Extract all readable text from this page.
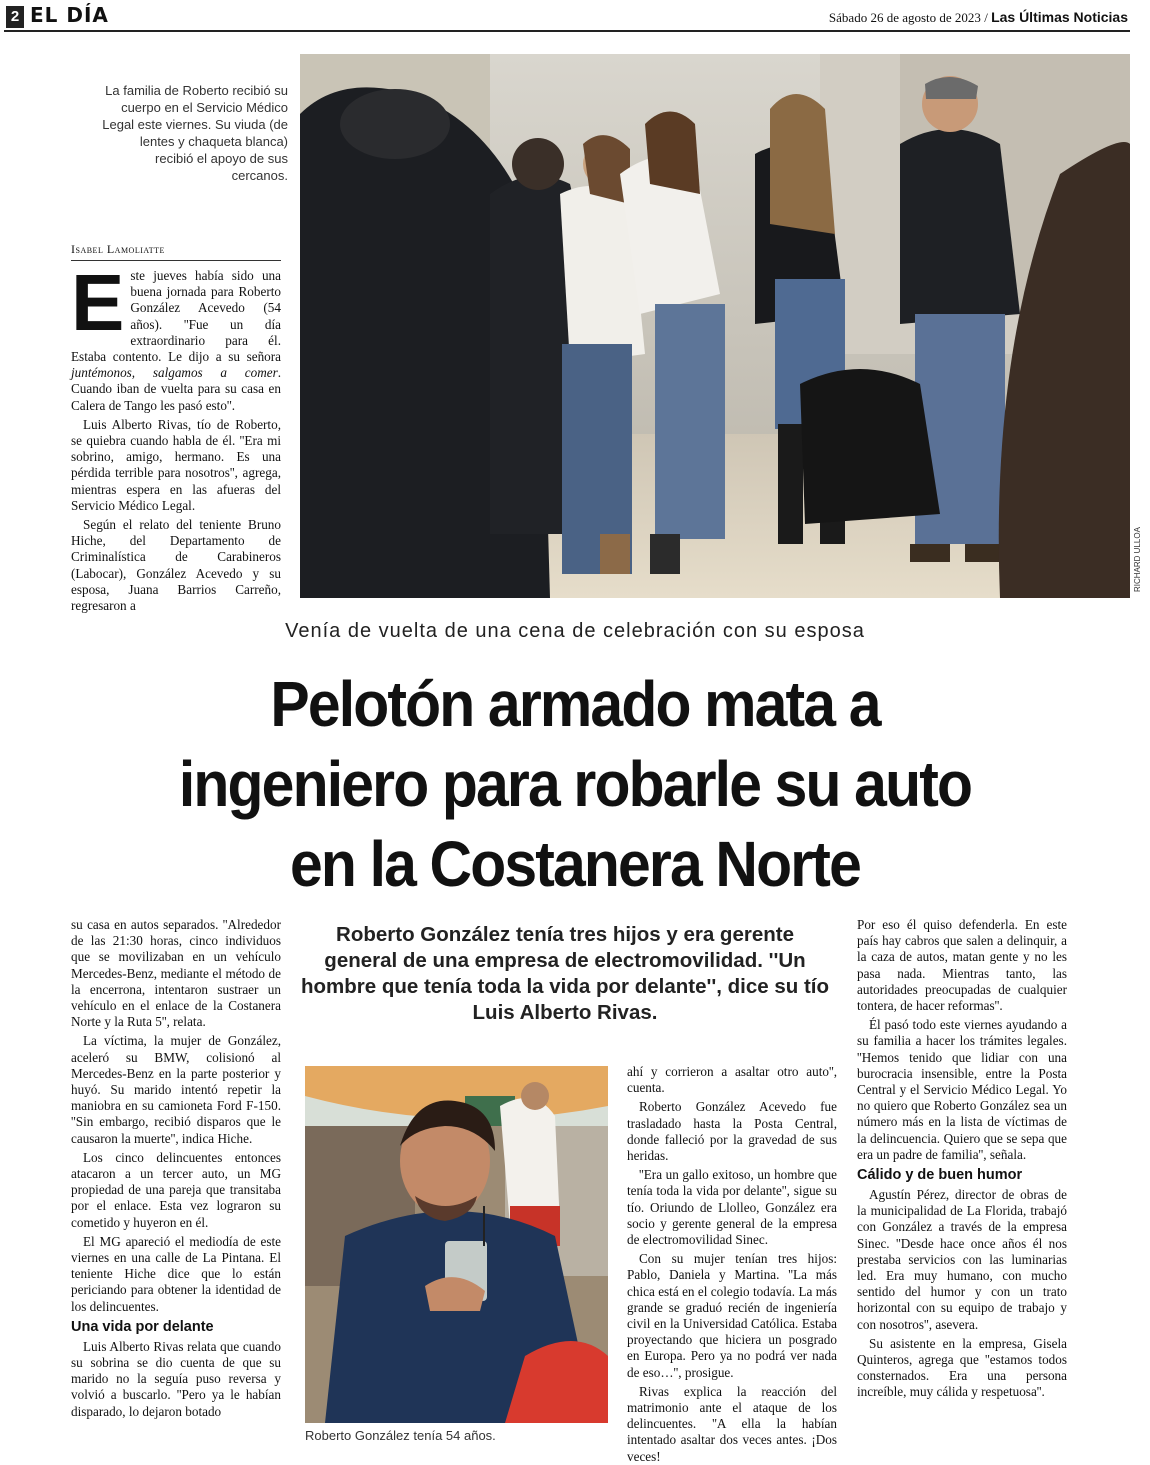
2 EL DÍA	Sábado 26 de agosto de 2023 / Las Últimas Noticias
La familia de Roberto recibió su cuerpo en el Servicio Médico Legal este viernes. Su viuda (de lentes y chaqueta blanca) recibió el apoyo de sus cercanos.
Isabel Lamoliatte
E ste jueves había sido una buena jornada para Roberto González Acevedo (54 años). ''Fue un día extraordinario para él. Estaba contento. Le dijo a su señora juntémonos, salgamos a comer. Cuando iban de vuelta para su casa en Calera de Tango les pasó esto''.

Luis Alberto Rivas, tío de Roberto, se quiebra cuando habla de él. ''Era mi sobrino, amigo, hermano. Es una pérdida terrible para nosotros'', agrega, mientras espera en las afueras del Servicio Médico Legal.

Según el relato del teniente Bruno Hiche, del Departamento de Criminalística de Carabineros (Labocar), González Acevedo y su esposa, Juana Barrios Carreño, regresaron a

RICHARD ULLOA
Venía de vuelta de una cena de celebración con su esposa
Pelotón armado mata a
ingeniero para robarle su auto
en la Costanera Norte
Roberto González tenía tres hijos y era gerente general de una empresa de electromovilidad. ''Un hombre que tenía toda la vida por delante'', dice su tío Luis Alberto Rivas.

su casa en autos separados. ''Alrededor de las 21:30 horas, cinco individuos que se movilizaban en un vehículo Mercedes-Benz, mediante el método de la encerrona, intentaron sustraer un vehículo en el enlace de la Costanera Norte y la Ruta 5'', relata.

La víctima, la mujer de González, aceleró su BMW, colisionó al Mercedes-Benz en la parte posterior y huyó. Su marido intentó repetir la maniobra en su camioneta Ford F-150. ''Sin embargo, recibió disparos que le causaron la muerte'', indica Hiche.

Los cinco delincuentes entonces atacaron a un tercer auto, un MG propiedad de una pareja que transitaba por el enlace. Esta vez lograron su cometido y huyeron en él.

El MG apareció el mediodía de este viernes en una calle de La Pintana. El teniente Hiche dice que lo están periciando para obtener la identidad de los delincuentes.

Una vida por delante

Luis Alberto Rivas relata que cuando su sobrina se dio cuenta de que su marido no la seguía puso reversa y volvió a buscarlo. ''Pero ya le habían disparado, lo dejaron botado

Roberto González tenía 54 años.

ahí y corrieron a asaltar otro auto'', cuenta.

Roberto González Acevedo fue trasladado hasta la Posta Central, donde falleció por la gravedad de sus heridas.

''Era un gallo exitoso, un hombre que tenía toda la vida por delante'', sigue su tío. Oriundo de Llolleo, González era socio y gerente general de la empresa de electromovilidad Sinec.

Con su mujer tenían tres hijos: Pablo, Daniela y Martina. ''La más chica está en el colegio todavía. La más grande se graduó recién de ingeniería civil en la Universidad Católica. Estaba proyectando que hiciera un posgrado en Europa. Pero ya no podrá ver nada de eso…'', prosigue.

Rivas explica la reacción del matrimonio ante el ataque de los delincuentes. ''A ella la habían intentado asaltar dos veces antes. ¡Dos veces!

Por eso él quiso defenderla. En este país hay cabros que salen a delinquir, a la caza de autos, matan gente y no les pasa nada. Mientras tanto, las autoridades preocupadas de cualquier tontera, de hacer reformas''.

Él pasó todo este viernes ayudando a su familia a hacer los trámites legales. ''Hemos tenido que lidiar con una burocracia insensible, entre la Posta Central y el Servicio Médico Legal. Yo no quiero que Roberto González sea un número más en la lista de víctimas de la delincuencia. Quiero que se sepa que era un padre de familia'', señala.

Cálido y de buen humor

Agustín Pérez, director de obras de la municipalidad de La Florida, trabajó con González a través de la empresa Sinec. ''Desde hace once años él nos prestaba servicios con las luminarias led. Era muy humano, con mucho sentido del humor y con un trato horizontal con su equipo de trabajo y con nosotros'', asevera.

Su asistente en la empresa, Gisela Quinteros, agrega que ''estamos todos consternados. Era una persona increíble, muy cálida y respetuosa''.
